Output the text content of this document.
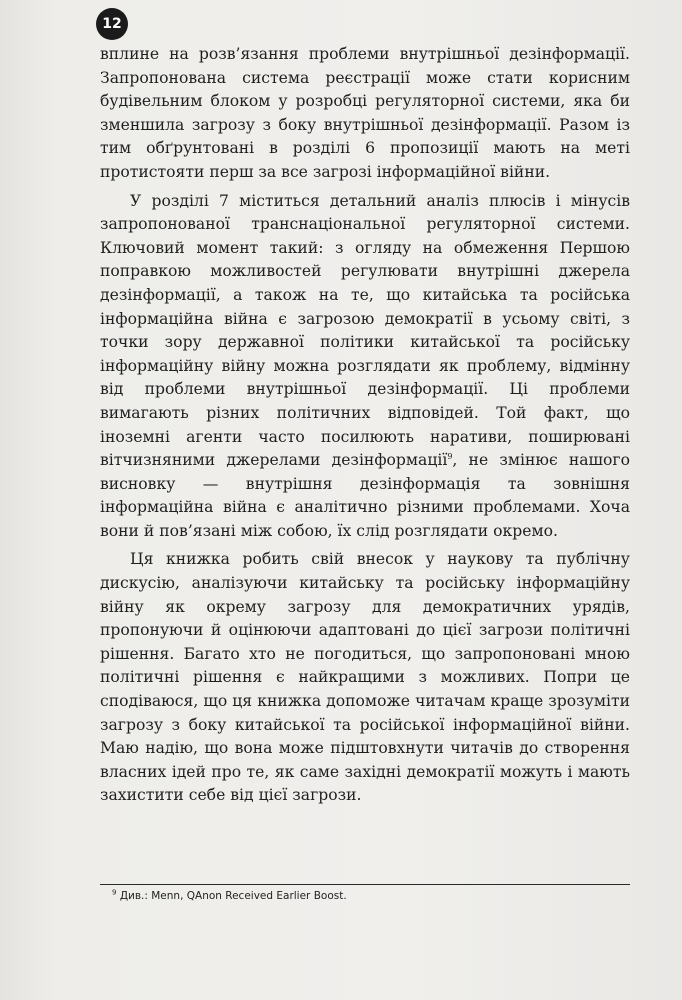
12

вплине на розв’язання проблеми внутрішньої дезінформації. Запропонована система реєстрації може стати корисним будівельним блоком у розробці регуляторної системи, яка би зменшила загрозу з боку внутрішньої дезінформації. Разом із тим обґрунтовані в розділі 6 пропозиції мають на меті протистояти перш за все загрозі інформаційної війни.

У розділі 7 міститься детальний аналіз плюсів і мінусів запропонованої транснаціональної регуляторної системи. Ключовий момент такий: з огляду на обмеження Першою поправкою можливостей регулювати внутрішні джерела дезінформації, а також на те, що китайська та російська інформаційна війна є загрозою демократії в усьому світі, з точки зору державної політики китайської та російську інформаційну війну можна розглядати як проблему, відмінну від проблеми внутрішньої дезінформації. Ці проблеми вимагають різних політичних відповідей. Той факт, що іноземні агенти часто посилюють наративи, поширювані вітчизняними джерелами дезінформації$^9$, не змінює нашого висновку — внутрішня дезінформація та зовнішня інформаційна війна є аналітично різними проблемами. Хоча вони й пов’язані між собою, їх слід розглядати окремо.

Ця книжка робить свій внесок у наукову та публічну дискусію, аналізуючи китайську та російську інформаційну війну як окрему загрозу для демократичних урядів, пропонуючи й оцінюючи адаптовані до цієї загрози політичні рішення. Багато хто не погодиться, що запропоновані мною політичні рішення є найкращими з можливих. Попри це сподіваюся, що ця книжка допоможе читачам краще зрозуміти загрозу з боку китайської та російської інформаційної війни. Маю надію, що вона може підштовхнути читачів до створення власних ідей про те, як саме західні демократії можуть і мають захистити себе від цієї загрози.

$^9$ Див.: Menn, QAnon Received Earlier Boost.
